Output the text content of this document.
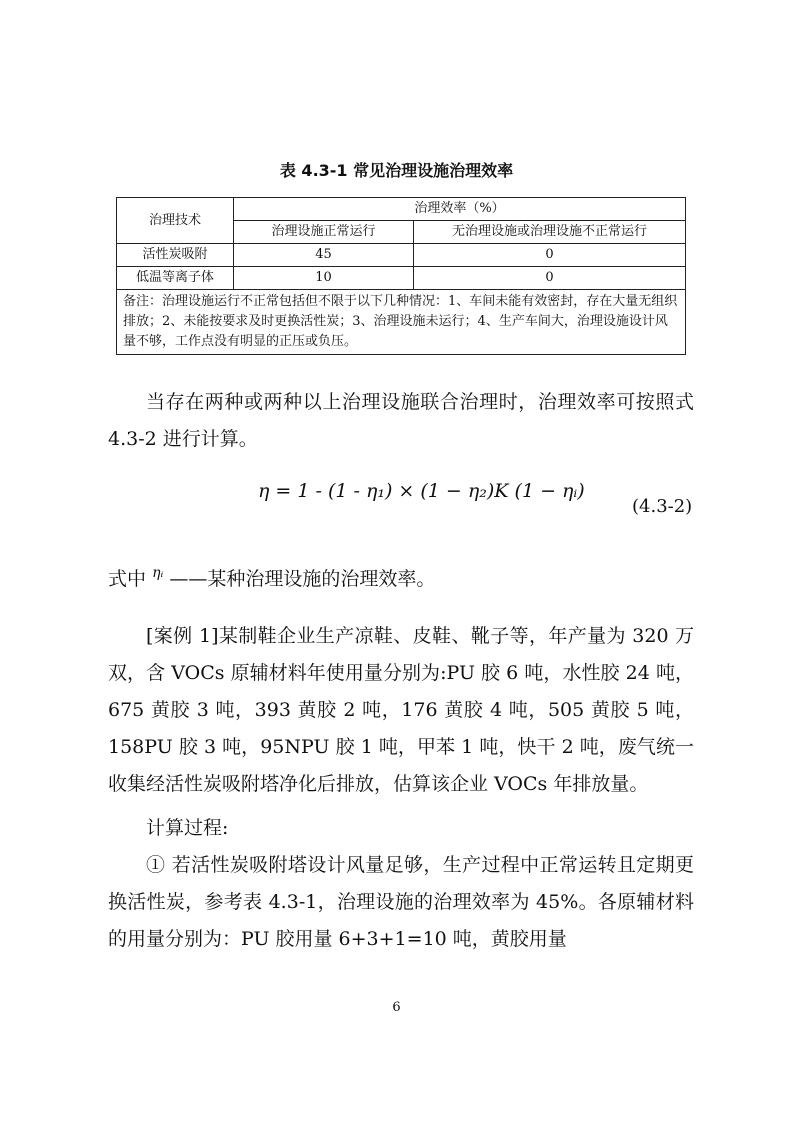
表 4.3-1 常见治理设施治理效率
治理技术	治理效率（%）	
	治理设施正常运行	无治理设施或治理设施不正常运行
活性炭吸附	45	0
低温等离子体	10	0
备注：治理设施运行不正常包括但不限于以下几种情况：1、车间未能有效密封，存在大量无组织排放；2、未能按要求及时更换活性炭；3、治理设施未运行；4、生产车间大，治理设施设计风量不够，工作点没有明显的正压或负压。		

当存在两种或两种以上治理设施联合治理时，治理效率可按照式 4.3-2 进行计算。

η = 1 - (1 - η₁) × (1 − η₂)K (1 − ηᵢ)
(4.3-2)

式中 $^{\eta ᵢ}$ ——某种治理设施的治理效率。

[案例 1]某制鞋企业生产凉鞋、皮鞋、靴子等，年产量为 320 万双，含 VOCs 原辅材料年使用量分别为:PU 胶 6 吨，水性胶 24 吨，675 黄胶 3 吨，393 黄胶 2 吨，176 黄胶 4 吨，505 黄胶 5 吨，158PU 胶 3 吨，95NPU 胶 1 吨，甲苯 1 吨，快干 2 吨，废气统一收集经活性炭吸附塔净化后排放，估算该企业 VOCs 年排放量。

计算过程:

① 若活性炭吸附塔设计风量足够，生产过程中正常运转且定期更换活性炭，参考表 4.3-1，治理设施的治理效率为 45%。各原辅材料的用量分别为：PU 胶用量 6+3+1=10 吨，黄胶用量

6
